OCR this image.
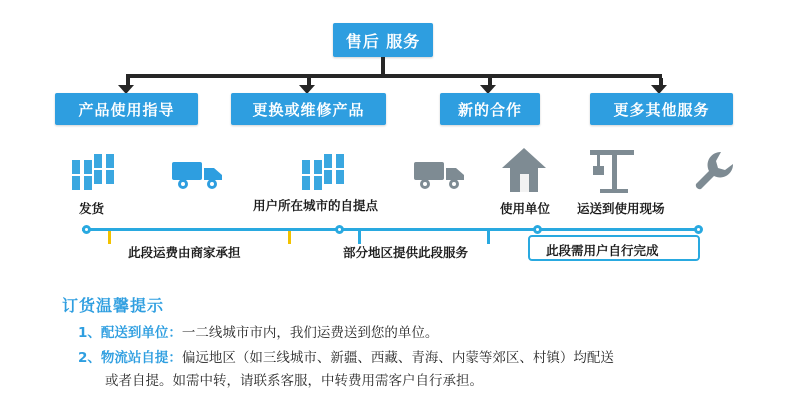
售后 服务
产品使用指导	更换或维修产品	新的合作	更多其他服务
发货	用户所在城市的自提点	使用单位 运送到使用现场
此段运费由商家承担	部分地区提供此段服务	此段需用户自行完成
订货温馨提示
1、配送到单位：一二线城市市内，我们运费送到您的单位。
2、物流站自提：偏远地区（如三线城市、新疆、西藏、青海、内蒙等郊区、村镇）均配送
或者自提。如需中转，请联系客服，中转费用需客户自行承担。
